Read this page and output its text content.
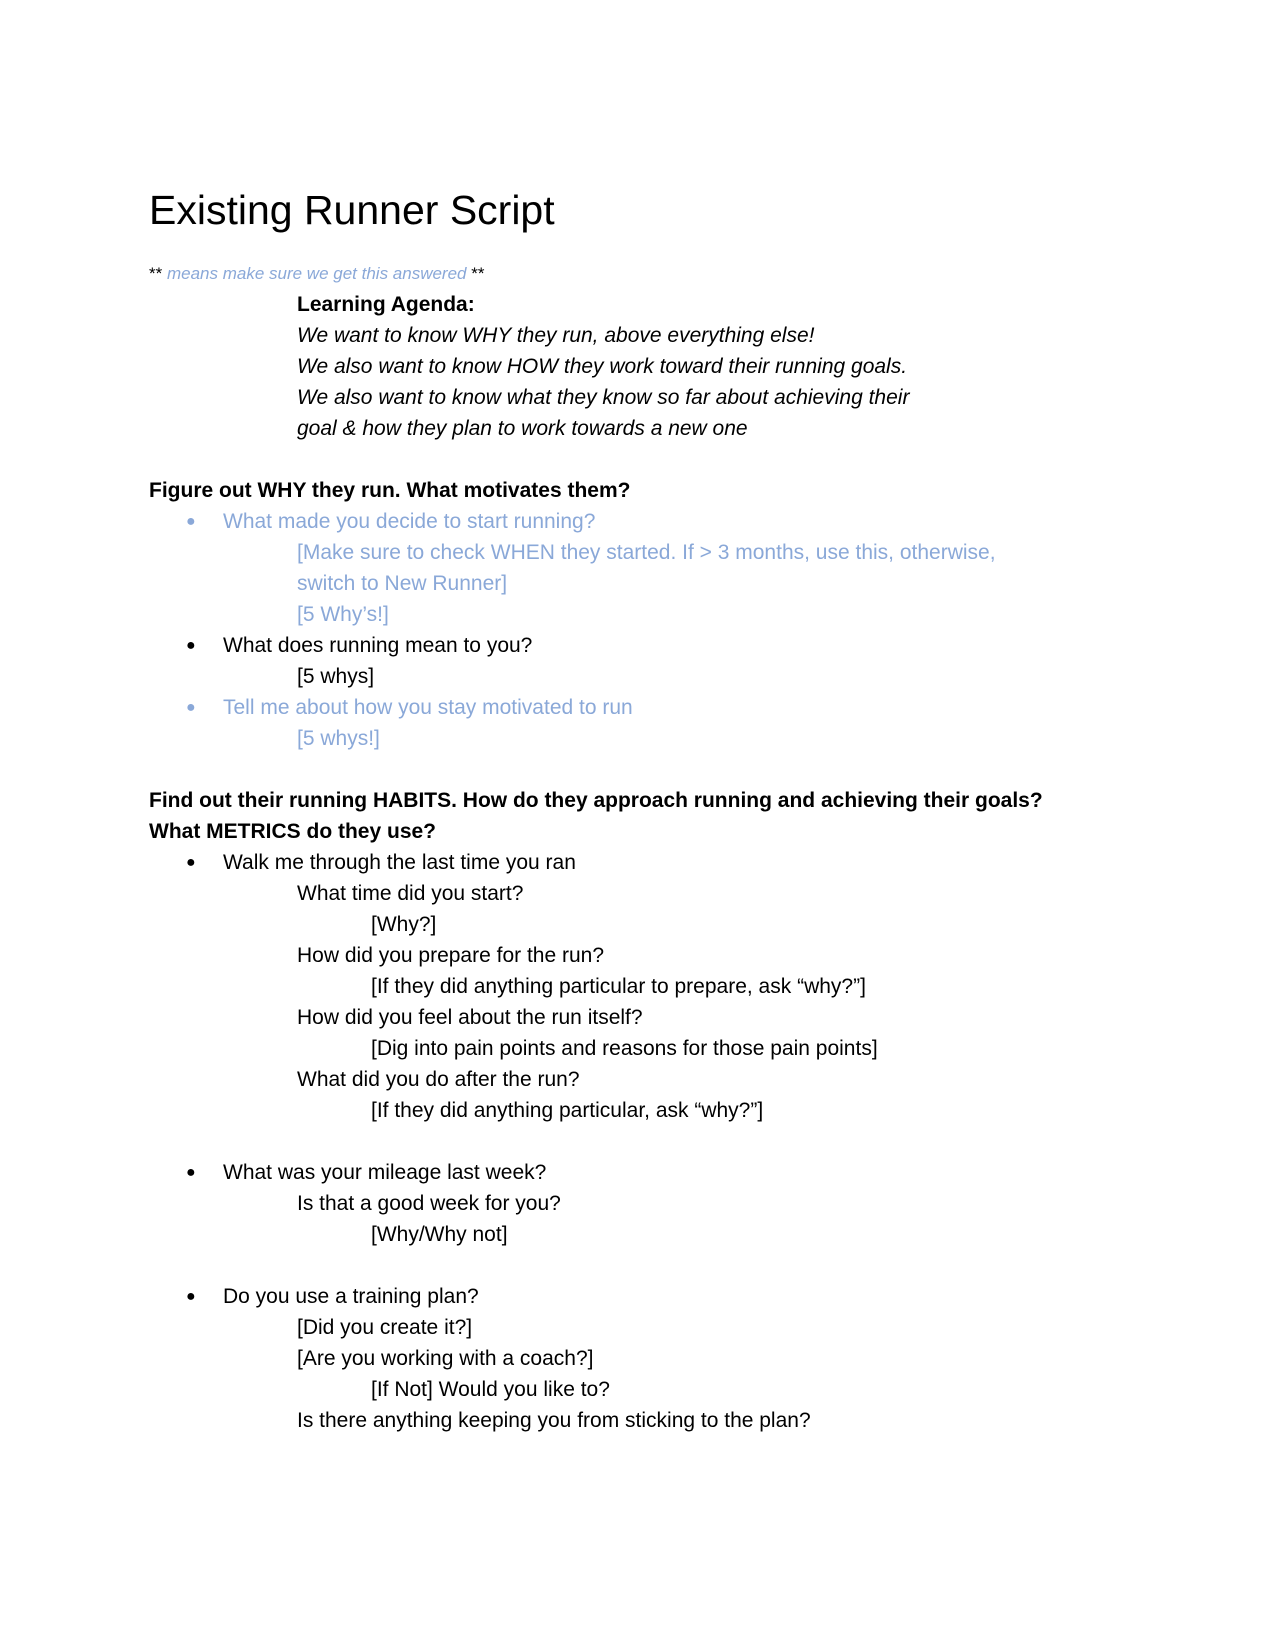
Existing Runner Script
** means make sure we get this answered **
Learning Agenda:
We want to know WHY they run, above everything else!
We also want to know HOW they work toward their running goals.
We also want to know what they know so far about achieving their
goal & how they plan to work towards a new one
Figure out WHY they run. What motivates them?
● What made you decide to start running?
[Make sure to check WHEN they started. If > 3 months, use this, otherwise,
switch to New Runner]
[5 Why’s!]
● What does running mean to you?
[5 whys]
● Tell me about how you stay motivated to run
[5 whys!]
Find out their running HABITS. How do they approach running and achieving their goals?
What METRICS do they use?
● Walk me through the last time you ran
What time did you start?
[Why?]
How did you prepare for the run?
[If they did anything particular to prepare, ask “why?”]
How did you feel about the run itself?
[Dig into pain points and reasons for those pain points]
What did you do after the run?
[If they did anything particular, ask “why?”]
● What was your mileage last week?
Is that a good week for you?
[Why/Why not]
● Do you use a training plan?
[Did you create it?]
[Are you working with a coach?]
[If Not] Would you like to?
Is there anything keeping you from sticking to the plan?
